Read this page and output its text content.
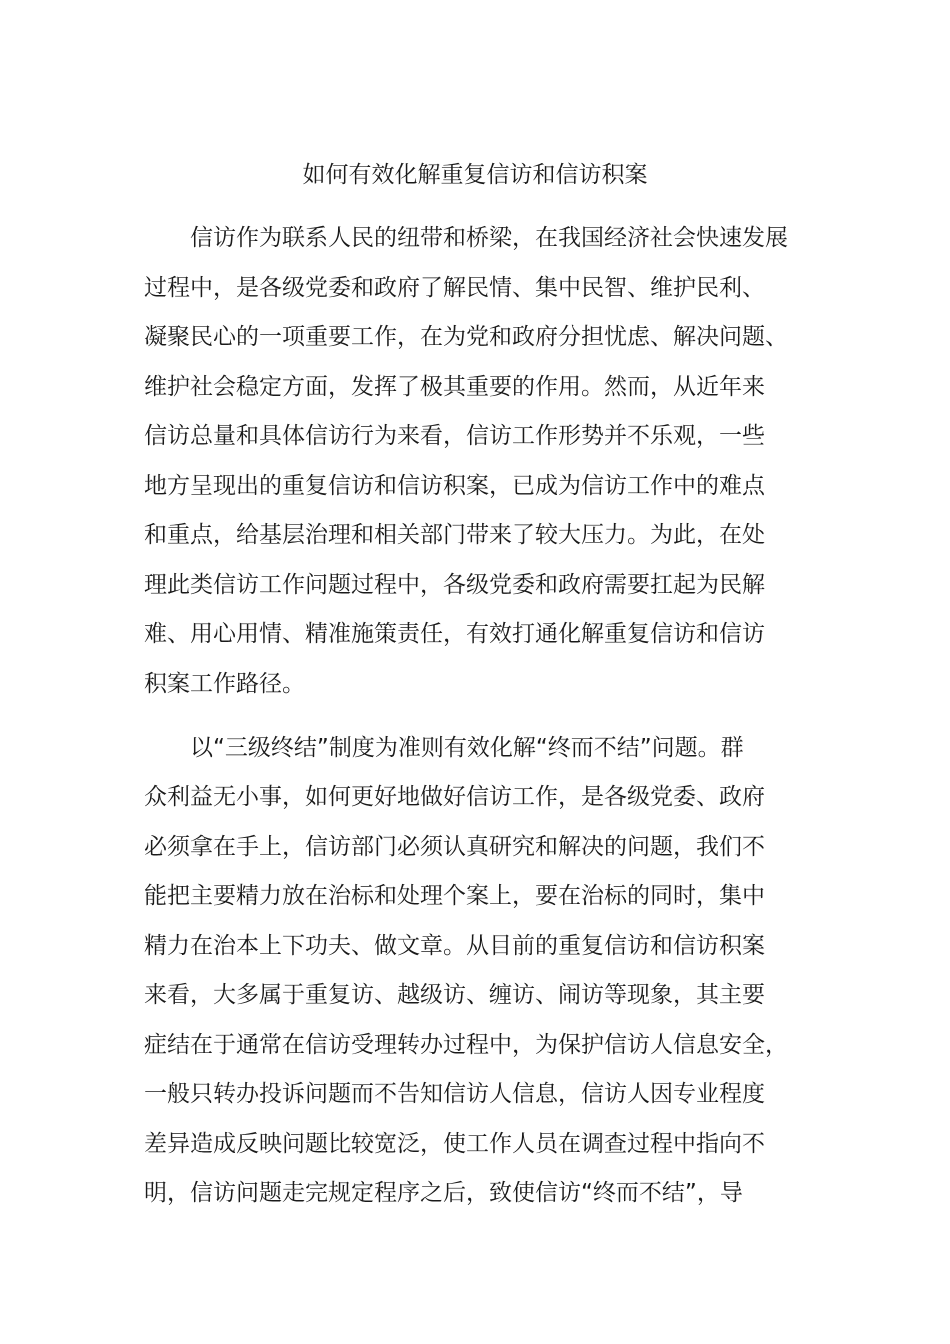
如何有效化解重复信访和信访积案
　　信访作为联系人民的纽带和桥梁，在我国经济社会快速发展
过程中，是各级党委和政府了解民情、集中民智、维护民利、
凝聚民心的一项重要工作，在为党和政府分担忧虑、解决问题、
维护社会稳定方面，发挥了极其重要的作用。然而，从近年来
信访总量和具体信访行为来看，信访工作形势并不乐观，一些
地方呈现出的重复信访和信访积案，已成为信访工作中的难点
和重点，给基层治理和相关部门带来了较大压力。为此，在处
理此类信访工作问题过程中，各级党委和政府需要扛起为民解
难、用心用情、精准施策责任，有效打通化解重复信访和信访
积案工作路径。
　　以“三级终结”制度为准则有效化解“终而不结”问题。群
众利益无小事，如何更好地做好信访工作，是各级党委、政府
必须拿在手上，信访部门必须认真研究和解决的问题，我们不
能把主要精力放在治标和处理个案上，要在治标的同时，集中
精力在治本上下功夫、做文章。从目前的重复信访和信访积案
来看，大多属于重复访、越级访、缠访、闹访等现象，其主要
症结在于通常在信访受理转办过程中，为保护信访人信息安全，
一般只转办投诉问题而不告知信访人信息，信访人因专业程度
差异造成反映问题比较宽泛，使工作人员在调查过程中指向不
明，信访问题走完规定程序之后，致使信访“终而不结”，导
